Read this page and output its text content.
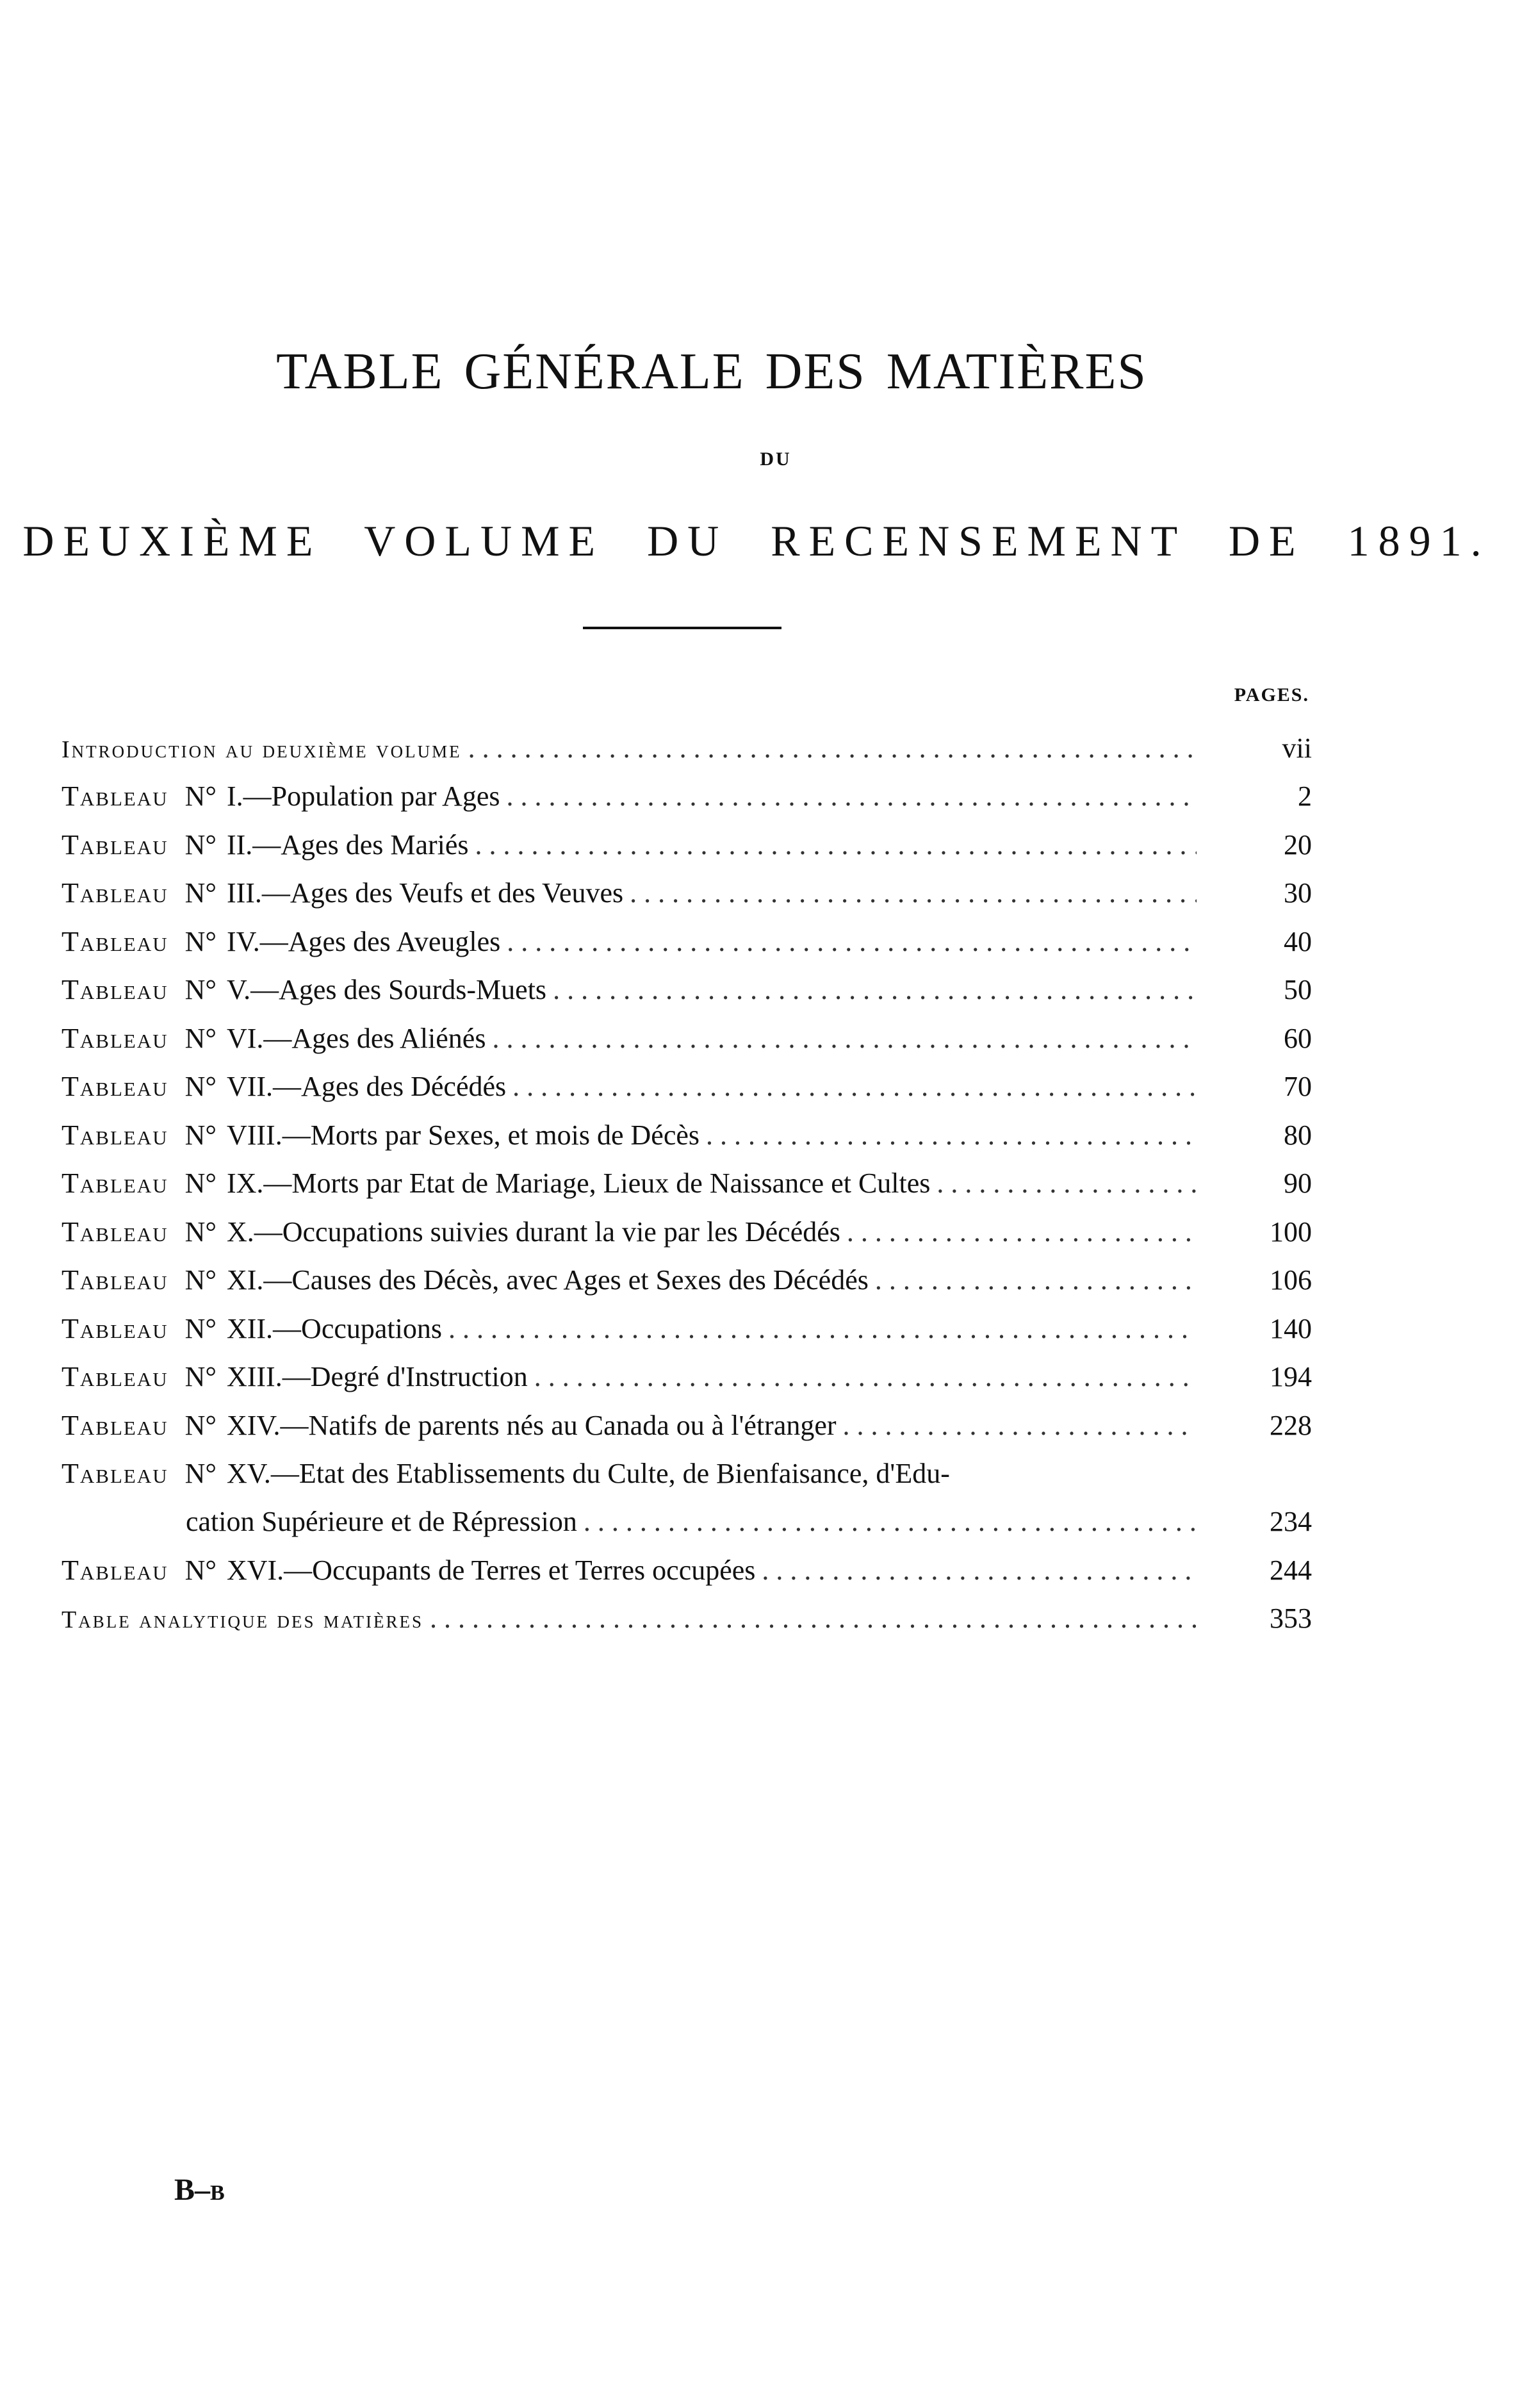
TABLE GÉNÉRALE DES MATIÈRES
DU
DEUXIÈME VOLUME DU RECENSEMENT DE 1891.
PAGES.
Introduction au deuxième volume . . .	vii
Tableau N° I.—Population par Ages . . .	2
Tableau N° II.—Ages des Mariés . . .	20
Tableau N° III.—Ages des Veufs et des Veuves . . .	30
Tableau N° IV.—Ages des Aveugles . . .	40
Tableau N° V.—Ages des Sourds-Muets . . .	50
Tableau N° VI.—Ages des Aliénés . . .	60
Tableau N° VII.—Ages des Décédés . . .	70
Tableau N° VIII.—Morts par Sexes, et mois de Décès . . .	80
Tableau N° IX.—Morts par Etat de Mariage, Lieux de Naissance et Cultes . . .	90
Tableau N° X.—Occupations suivies durant la vie par les Décédés . . .	100
Tableau N° XI.—Causes des Décès, avec Ages et Sexes des Décédés . . .	106
Tableau N° XII.—Occupations . . .	140
Tableau N° XIII.—Degré d'Instruction . . .	194
Tableau N° XIV.—Natifs de parents nés au Canada ou à l'étranger . . .	228
Tableau N° XV.—Etat des Etablissements du Culte, de Bienfaisance, d'Edu-
cation Supérieure et de Répression . . .	234
Tableau N° XVI.—Occupants de Terres et Terres occupées . . .	244
Table analytique des matières . . .	353
B–B
